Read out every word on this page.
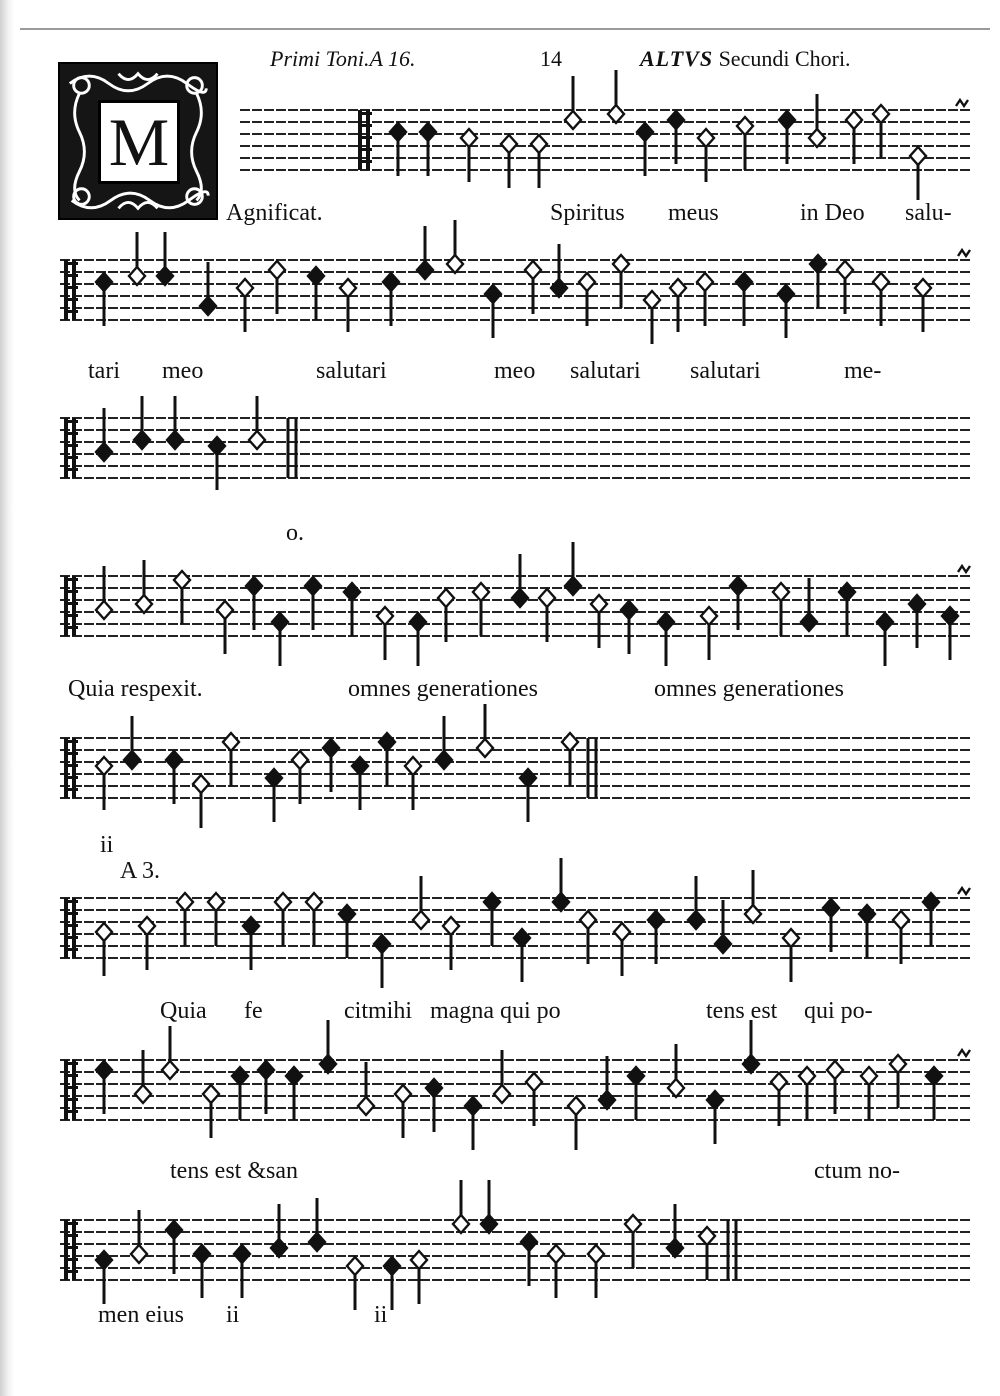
Primi Toni.A 16.	14	ALTVS Secundi Chori.
M
Agnificat.	Spiritus meus	in Deo salu-
tari meo	salutari	meo salutari salutari	me-
o.
Quia respexit.	omnes generationes	omnes generationes
ii
A 3.
Quia fe	citmihi magna qui po	tens est qui po-
tens est &san	ctum no-
men eius ii	ii
